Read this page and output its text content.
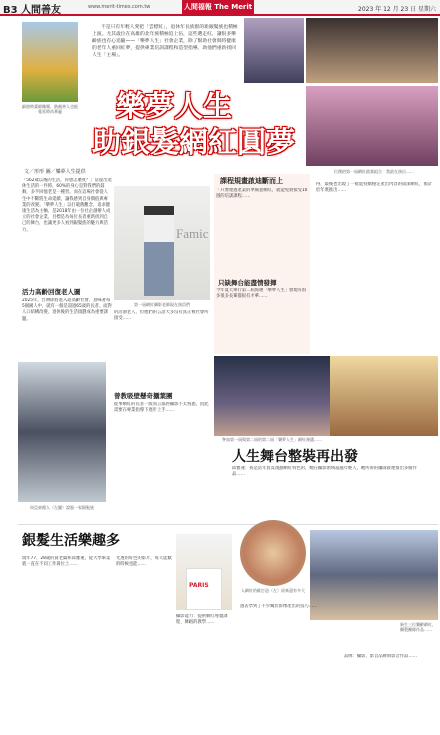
B3 人間善友	www.merit-times.com.tw	人間福報 The Merit Times
2023 年 12 月 23 日 星期六
細遊時畫師陳鳳、熱顏善人也能蔓延時尚華麗
不是只有年輕人愛把「雲標紅」，退休年長族群的新銀髮族也積極上演。尤其歲位在高雄的北年族積極追上伍，這些選走紅，讓很多樂齡族也有心追隨——「樂夢人生」社會企業，除了幫助社會與時健康的老年人重回紅夢，提供專業培訓課程和造型指導，助他們重新找回人生「主場」。
位創的第一屆網紅啟業組合：我最在演出……
樂夢人生
助銀髮網紅圓夢
文／形形 圖／樂夢人生提供
「562歲以後的生活，你想怎麼度？」當提出退休生活的一件時，60%的身心是對我們的鼓舞，多半回憶老是一種習。而在這場社會從人生中不斷將生命延續，讓我感到自身價值與專業的改變。「樂夢人生」以打破舊觀念，追求健康生活為主軸，是2018年由一位社企創辦人成立的社會企業，目標是為每位長者重新找到自己的舞台，也讓更多人看到銀髮族的魅力與活力。
活力高齡回復老人圖
2025年，台灣即將進入超高齡社會，意味著每5個國人中，就有一個是超過65歲的長者。面對人口結構改變，退休後的生活規劃成為重要課題。
周亞東總人（左圖）說服一家銀髮族
Famic
第一屆網紅攝影老師現在演員們
的活潑老人，但他們的言語大多沒有真正被社會所接受……
曾教吸壁懸奇攝葉團
從事網紅的長者一般而言都對攝影不太熟悉，因此需要在專業指導下逐步上手……
課程規畫啟迪斷而上
「只要連過產業的準備並網紅，就能免費接受10週的培訓課程……
只缺舞台能盡情發揮
今年夏天舉行第二屆海選「樂夢人生」發現有很多很多長輩都很有才華……
得，最後也出現了一批能持續穩定產出內容的資深網紅，預計於年底推出……
參加第一屆與第二屆的第二屆「樂夢人生」網紅複選……
人生舞台整裝再出發
邱雅蓮：我是當年負責規劃網紅特色的，她在攝影領域超越年輕人，她所帶的團隊接連推出多個作品……
銀髮生活樂趣多
現年77、28歲的資老闆和邱雅蓮，從大學畢業就一直在不同工作崗位上……
光透的好色的影片，每天能數的時候也能……
PARIS
攝影能力：提供網紅導覽課程、舞蹈的教學……
人網紅的歐打造（左）原來還有多大
新生三位樂齡網紅，攝製團隊作品……
過去學到了不少關於影像產出的技巧……
品牌：攝影、影音品牌與影音作品……
